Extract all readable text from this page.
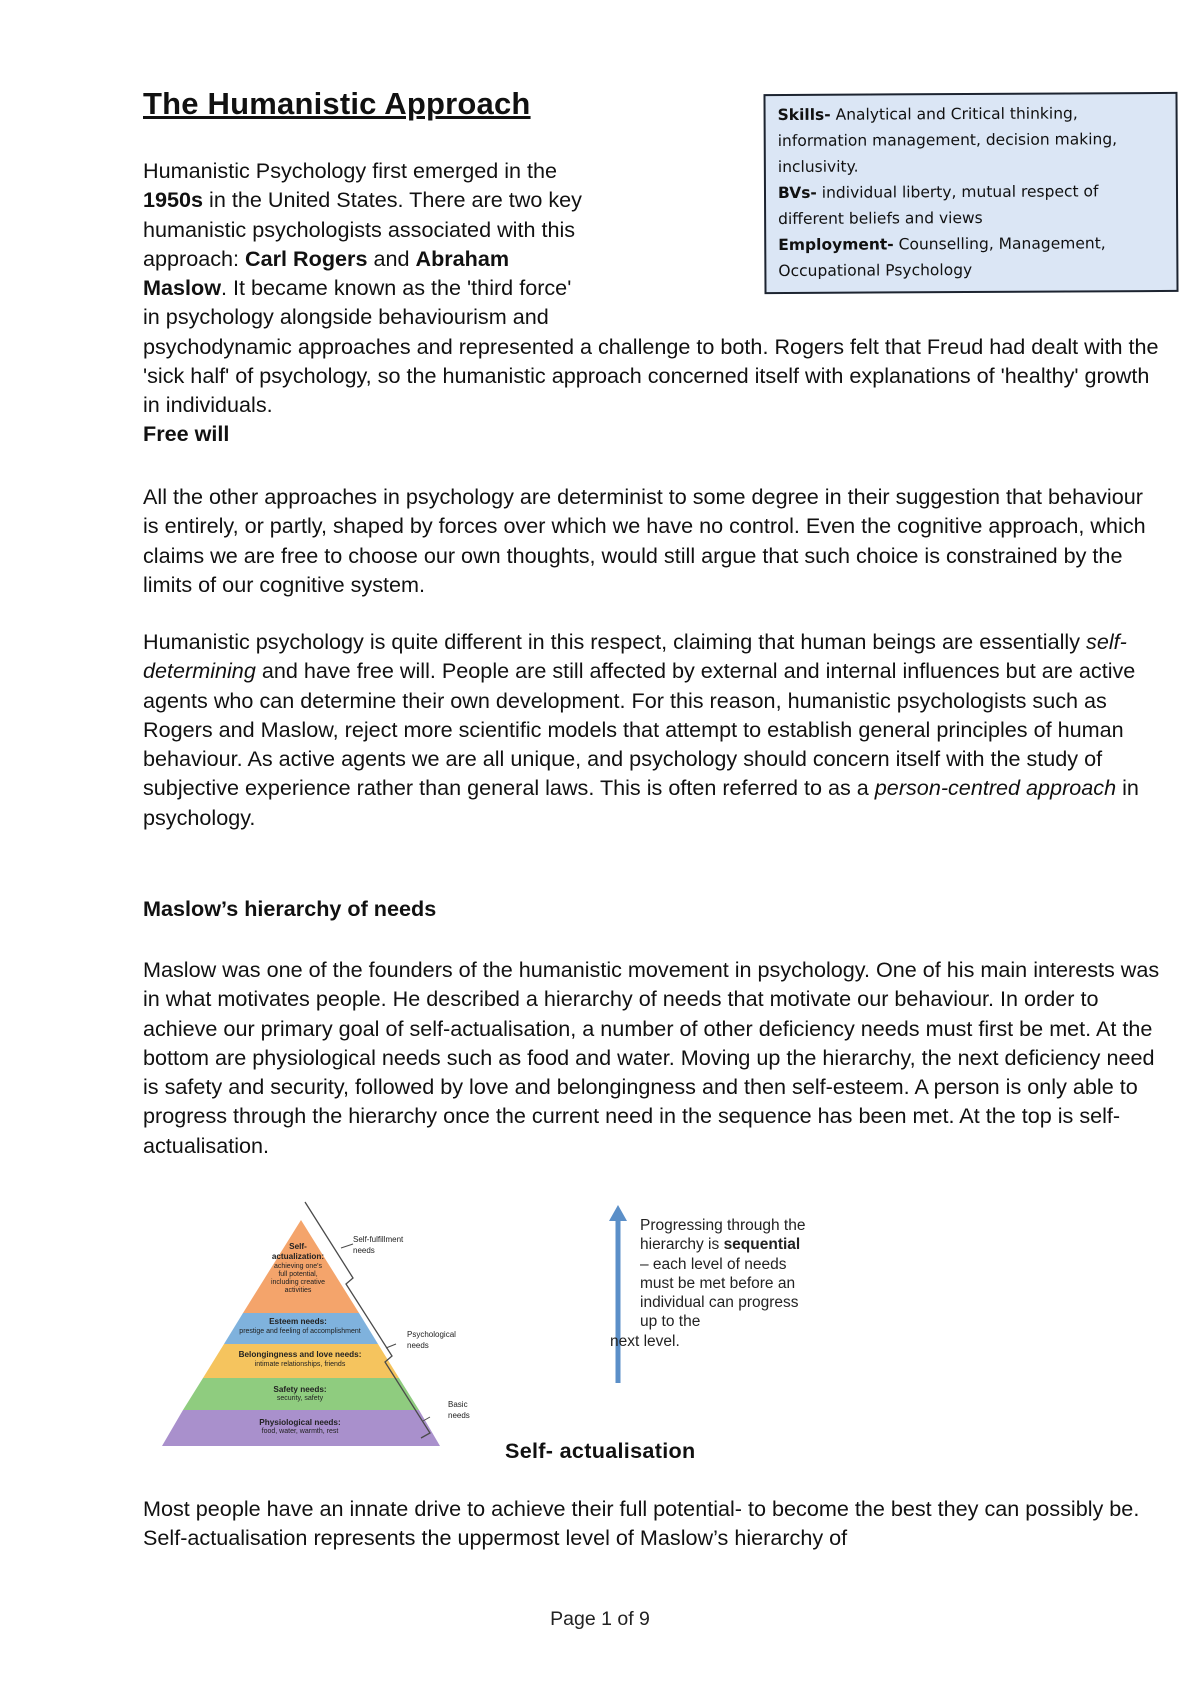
The Humanistic Approach	Skills- Analytical and Critical thinking, information management, decision making, inclusivity.

BVs- individual liberty, mutual respect of different beliefs and views

Employment- Counselling, Management, Occupational Psychology

Humanistic Psychology first emerged in the 1950s in the United States. There are two key humanistic psychologists associated with this approach: Carl Rogers and Abraham Maslow. It became known as the 'third force' in psychology alongside behaviourism and psychodynamic approaches and represented a challenge to both. Rogers felt that Freud had dealt with the 'sick half' of psychology, so the humanistic approach concerned itself with explanations of 'healthy' growth in individuals.

Free will

All the other approaches in psychology are determinist to some degree in their suggestion that behaviour is entirely, or partly, shaped by forces over which we have no control. Even the cognitive approach, which claims we are free to choose our own thoughts, would still argue that such choice is constrained by the limits of our cognitive system.

Humanistic psychology is quite different in this respect, claiming that human beings are essentially self-determining and have free will. People are still affected by external and internal influences but are active agents who can determine their own development. For this reason, humanistic psychologists such as Rogers and Maslow, reject more scientific models that attempt to establish general principles of human behaviour. As active agents we are all unique, and psychology should concern itself with the study of subjective experience rather than general laws. This is often referred to as a person-centred approach in psychology.

Maslow’s hierarchy of needs

Maslow was one of the founders of the humanistic movement in psychology. One of his main interests was in what motivates people. He described a hierarchy of needs that motivate our behaviour. In order to achieve our primary goal of self-actualisation, a number of other deficiency needs must first be met. At the bottom are physiological needs such as food and water. Moving up the hierarchy, the next deficiency need is safety and security, followed by love and belongingness and then self-esteem. A person is only able to progress through the hierarchy once the current need in the sequence has been met. At the top is self-actualisation.

Self-
actualization:
Esteem needs:
Belongingness and love needs:
Safety needs:
Physiological needs:
achieving one's
full potential,
including creative
activities
prestige and feeling of accomplishment
intimate relationships, friends
security, safety
food, water, warmth, rest
Self-fulfillment
needs
Psychological
needs
Basic
needs

Progressing through the hierarchy is sequential – each level of needs must be met before an individual can progress up to the
next level.

Self- actualisation

Most people have an innate drive to achieve their full potential- to become the best they can possibly be. Self-actualisation represents the uppermost level of Maslow’s hierarchy of

Page 1 of 9
